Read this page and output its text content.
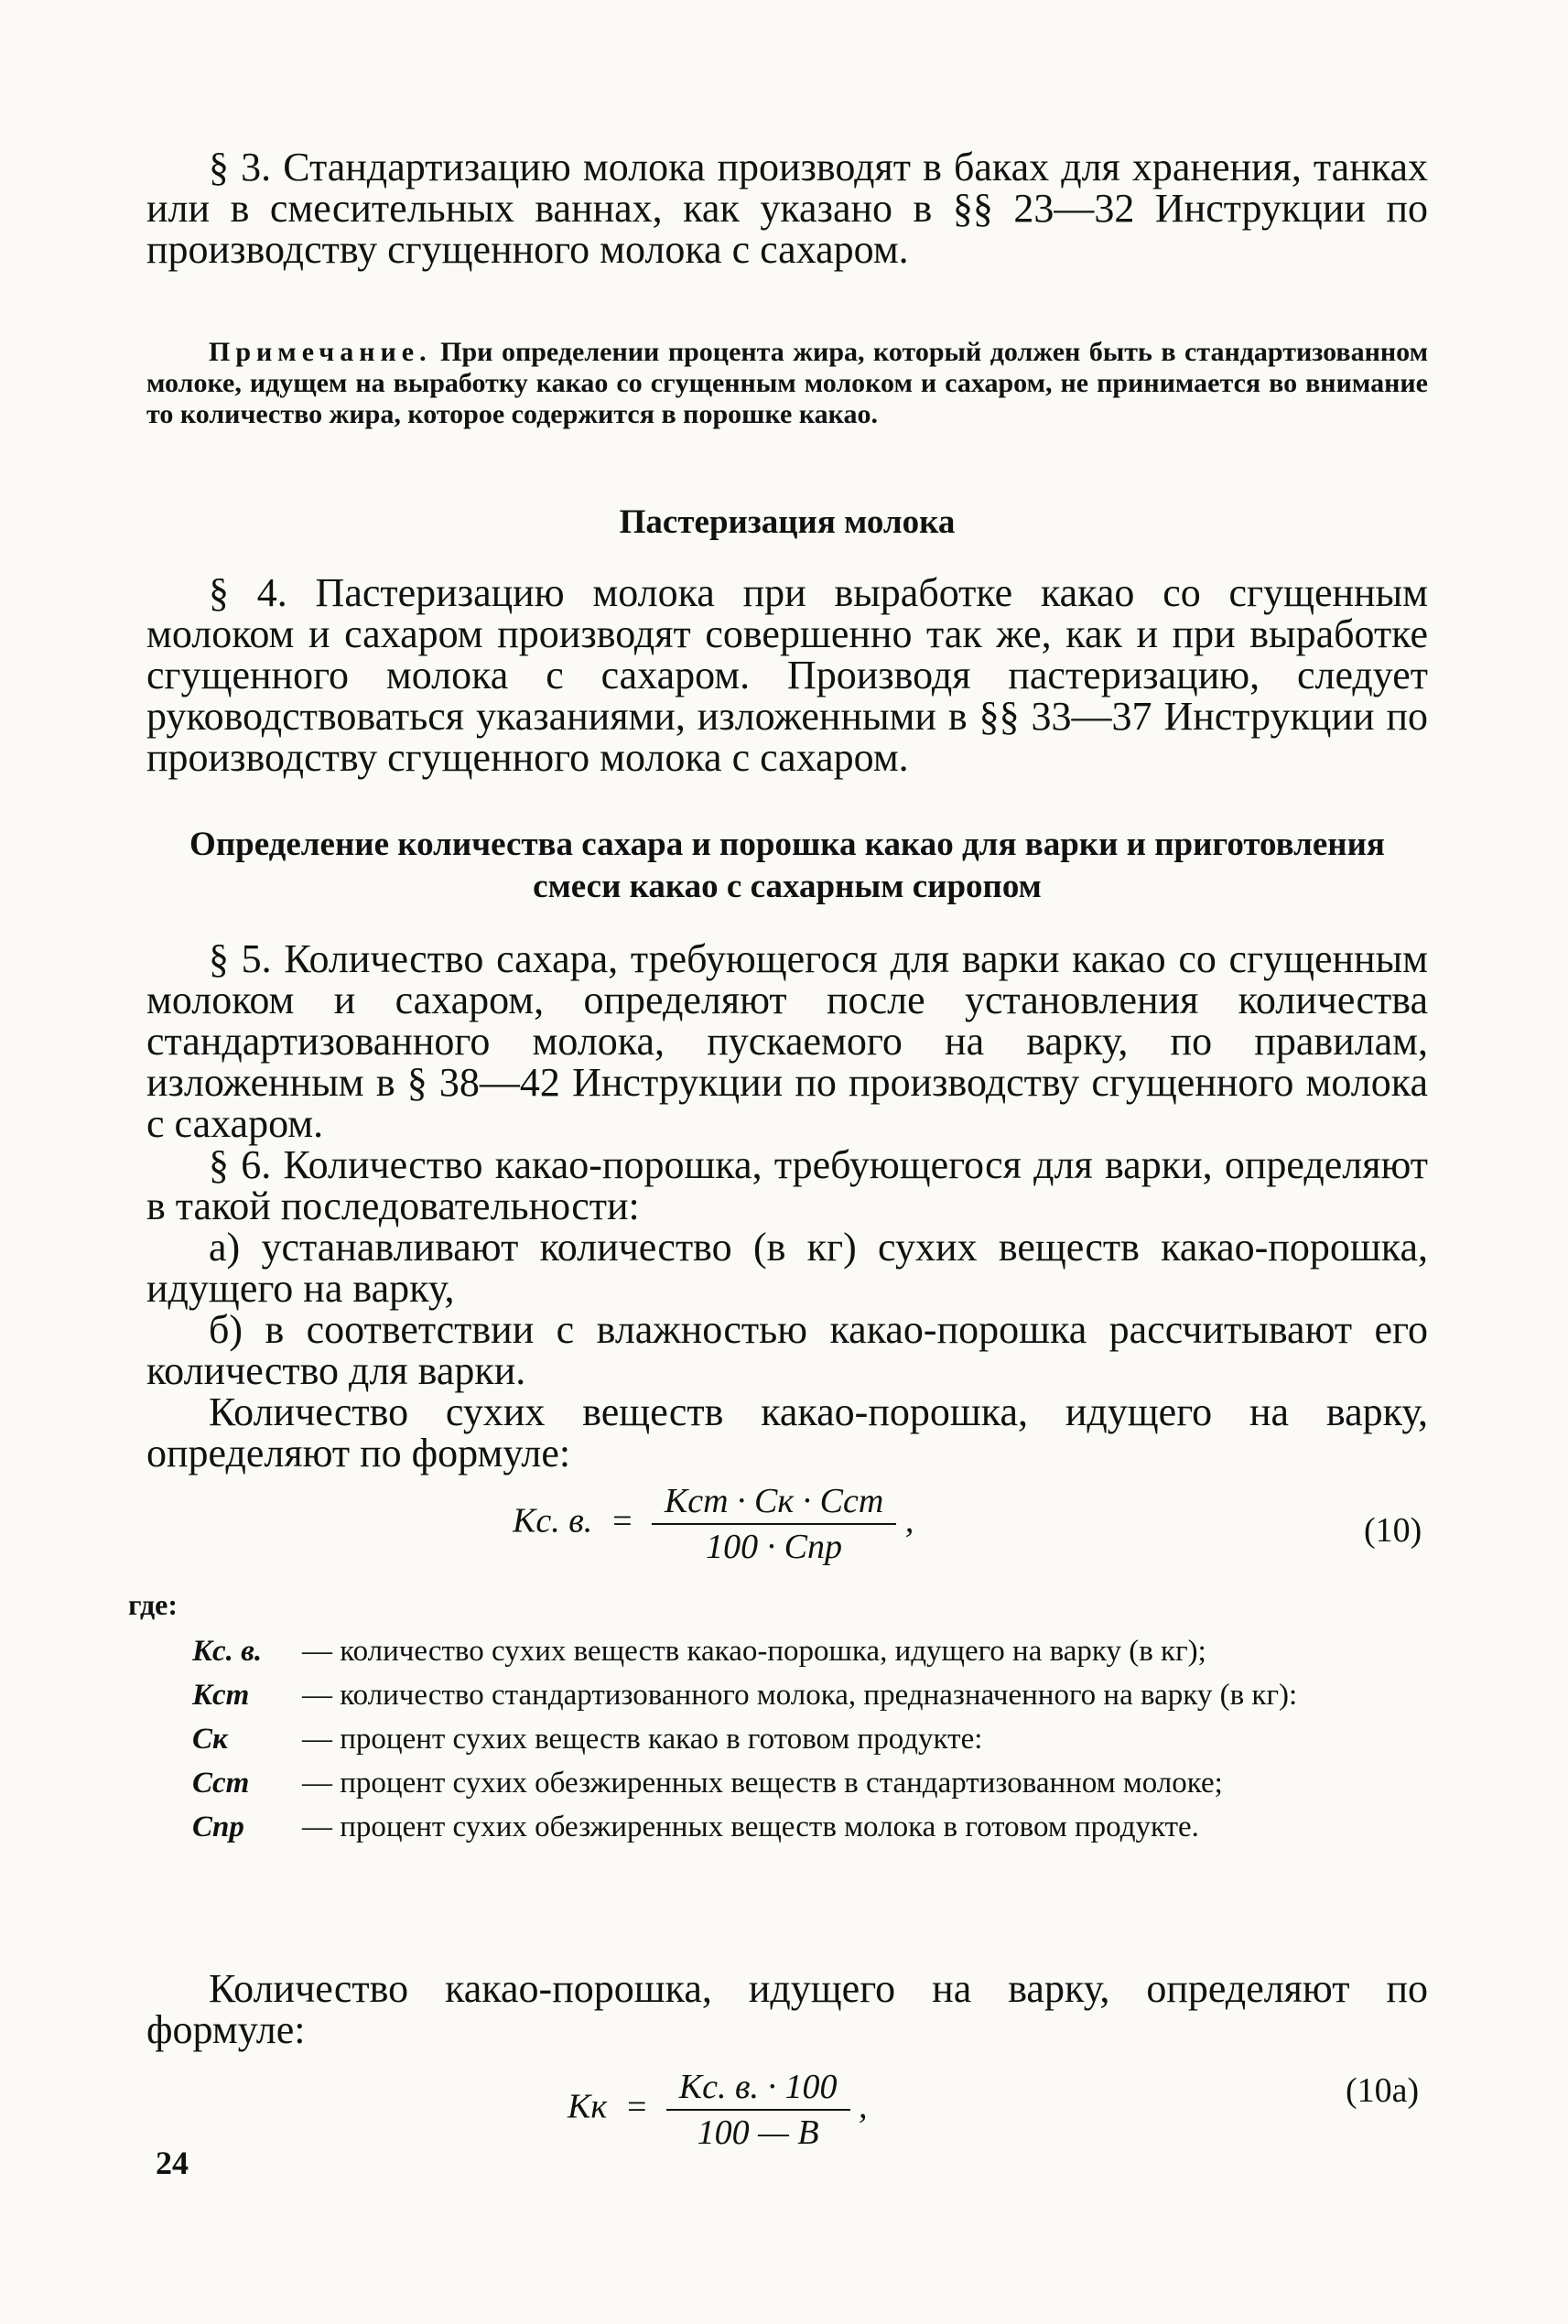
§ 3. Стандартизацию молока производят в баках для хранения, танках или в смесительных ваннах, как указано в §§ 23—32 Инструкции по производству сгущенного молока с сахаром.

Примечание. При определении процента жира, который должен быть в стандартизованном молоке, идущем на выработку какао со сгущенным молоком и сахаром, не принимается во внимание то количество жира, которое содержится в порошке какао.
Пастеризация молока

§ 4. Пастеризацию молока при выработке какао со сгущенным молоком и сахаром производят совершенно так же, как и при выработке сгущенного молока с сахаром. Производя пастеризацию, следует руководствоваться указаниями, изложенными в §§ 33—37 Инструкции по производству сгущенного молока с сахаром.

Определение количества сахара и порошка какао для варки и приготовления смеси какао с сахарным сиропом

§ 5. Количество сахара, требующегося для варки какао со сгущенным молоком и сахаром, определяют после установления количества стандартизованного молока, пускаемого на варку, по правилам, изложенным в § 38—42 Инструкции по производству сгущенного молока с сахаром.

§ 6. Количество какао-порошка, требующегося для варки, определяют в такой последовательности:

а) устанавливают количество (в кг) сухих веществ какао-порошка, идущего на варку,

б) в соответствии с влажностью какао-порошка рассчитывают его количество для варки.

Количество сухих веществ какао-порошка, идущего на варку, определяют по формуле:

Kс. в. = $\frac{\text{Kст · Cк · Cст}}{\text{100 · Cпр}}$ ,	(10)
где:
Kс. в.	— количество сухих веществ какао-порошка, идущего на варку (в кг);
Kст	— количество стандартизованного молока, предназначенного на варку (в кг):
Cк	— процент сухих веществ какао в готовом продукте:
Cст	— процент сухих обезжиренных веществ в стандартизованном молоке;
Cпр	— процент сухих обезжиренных веществ молока в готовом продукте.

Количество какао-порошка, идущего на варку, определяют по формуле:

Kк = $\frac{Kс. в. \cdot 100}{100 — B}$ ,	(10а)
24
